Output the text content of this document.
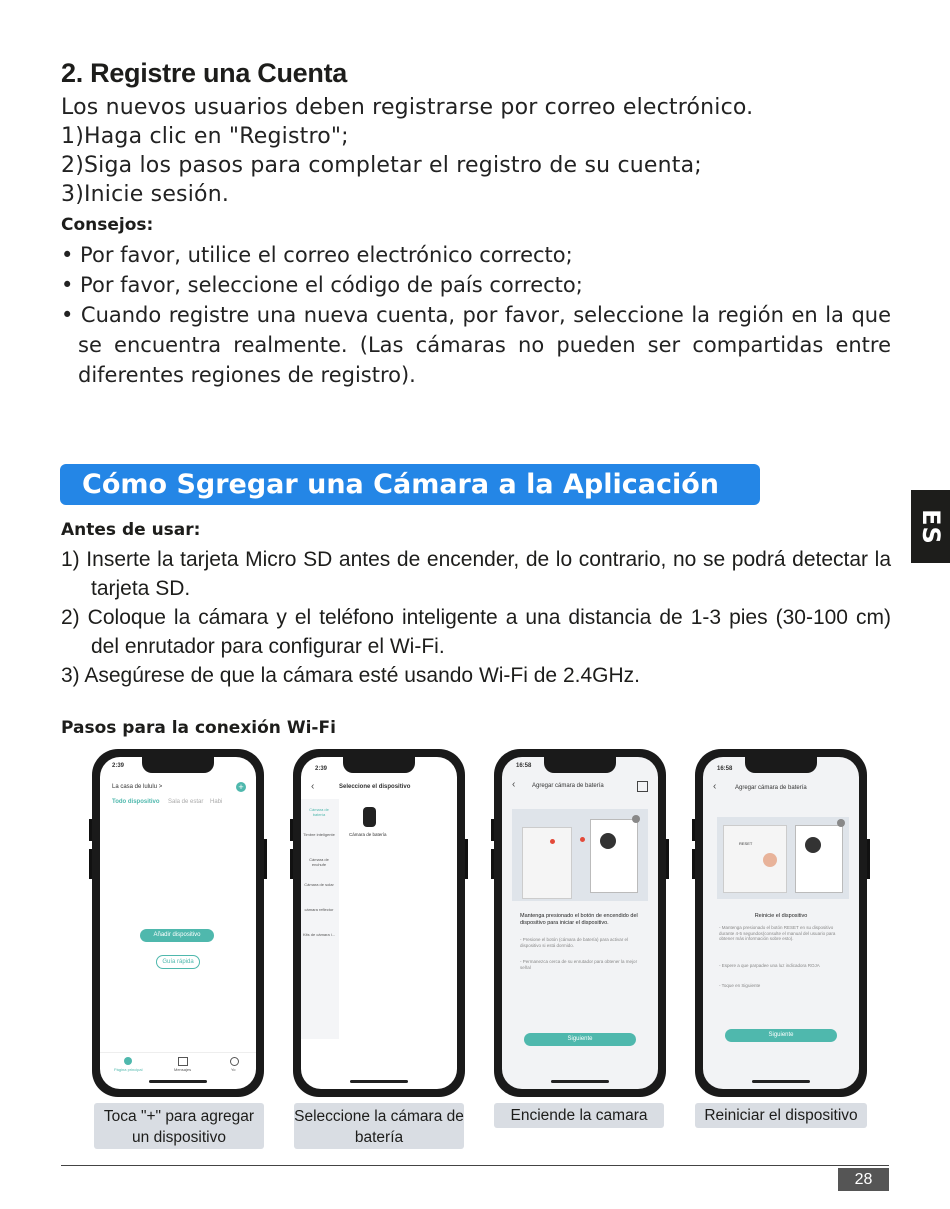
2. Registre una Cuenta
Los nuevos usuarios deben registrarse por correo electrónico.
1)Haga clic en "Registro";
2)Siga los pasos para completar el registro de su cuenta;
3)Inicie sesión.
Consejos:
• Por favor, utilice el correo electrónico correcto;
• Por favor, seleccione el código de país correcto;
• Cuando registre una nueva cuenta, por favor, seleccione la región en la que se encuentra realmente. (Las cámaras no pueden ser compartidas entre diferentes regiones de registro).
Cómo Sgregar una Cámara a la Aplicación
ES
Antes de usar:
1) Inserte la tarjeta Micro SD antes de encender, de lo contrario, no se podrá detectar la tarjeta SD.
2) Coloque la cámara y el teléfono inteligente a una distancia de 1-3 pies (30-100 cm) del enrutador para configurar el Wi-Fi.
3) Asegúrese de que la cámara esté usando Wi-Fi de 2.4GHz.
Pasos para la conexión Wi-Fi
2:39
La casa de lululu >	+
Todo dispositivo Sala de estar Habi
Añadir dispositivo
Guía rápida
Página principal	Mensajes	Yo
2:39
‹	Seleccione el dispositivo
Cámara de batería
Timbre inteligente
Cámara de enchufe
Cámara de solar
cámara reflector
Kits de cámara i...
Cámara de batería
16:58
‹	Agregar cámara de batería
Mantenga presionado el botón de encendido del dispositivo para iniciar el dispositivo.
- Presione el botón (cámara de batería) para activar el dispositivo si está dormido.
- Permanezca cerca de su enrutador para obtener la mejor señal
Siguiente
16:58
‹	Agregar cámara de batería
RESET
Reinicie el dispositivo
- Mantenga presionado el botón RESET en su dispositivo durante 4-5 segundos(consulte el manual del usuario para obtener más información sobre esto).
- Espere a que parpadee una luz indicadora ROJA
- Toque en Siguiente
Siguiente
Toca "+" para agregar un dispositivo
Seleccione la cámara de batería
Enciende la camara	Reiniciar el dispositivo
28
